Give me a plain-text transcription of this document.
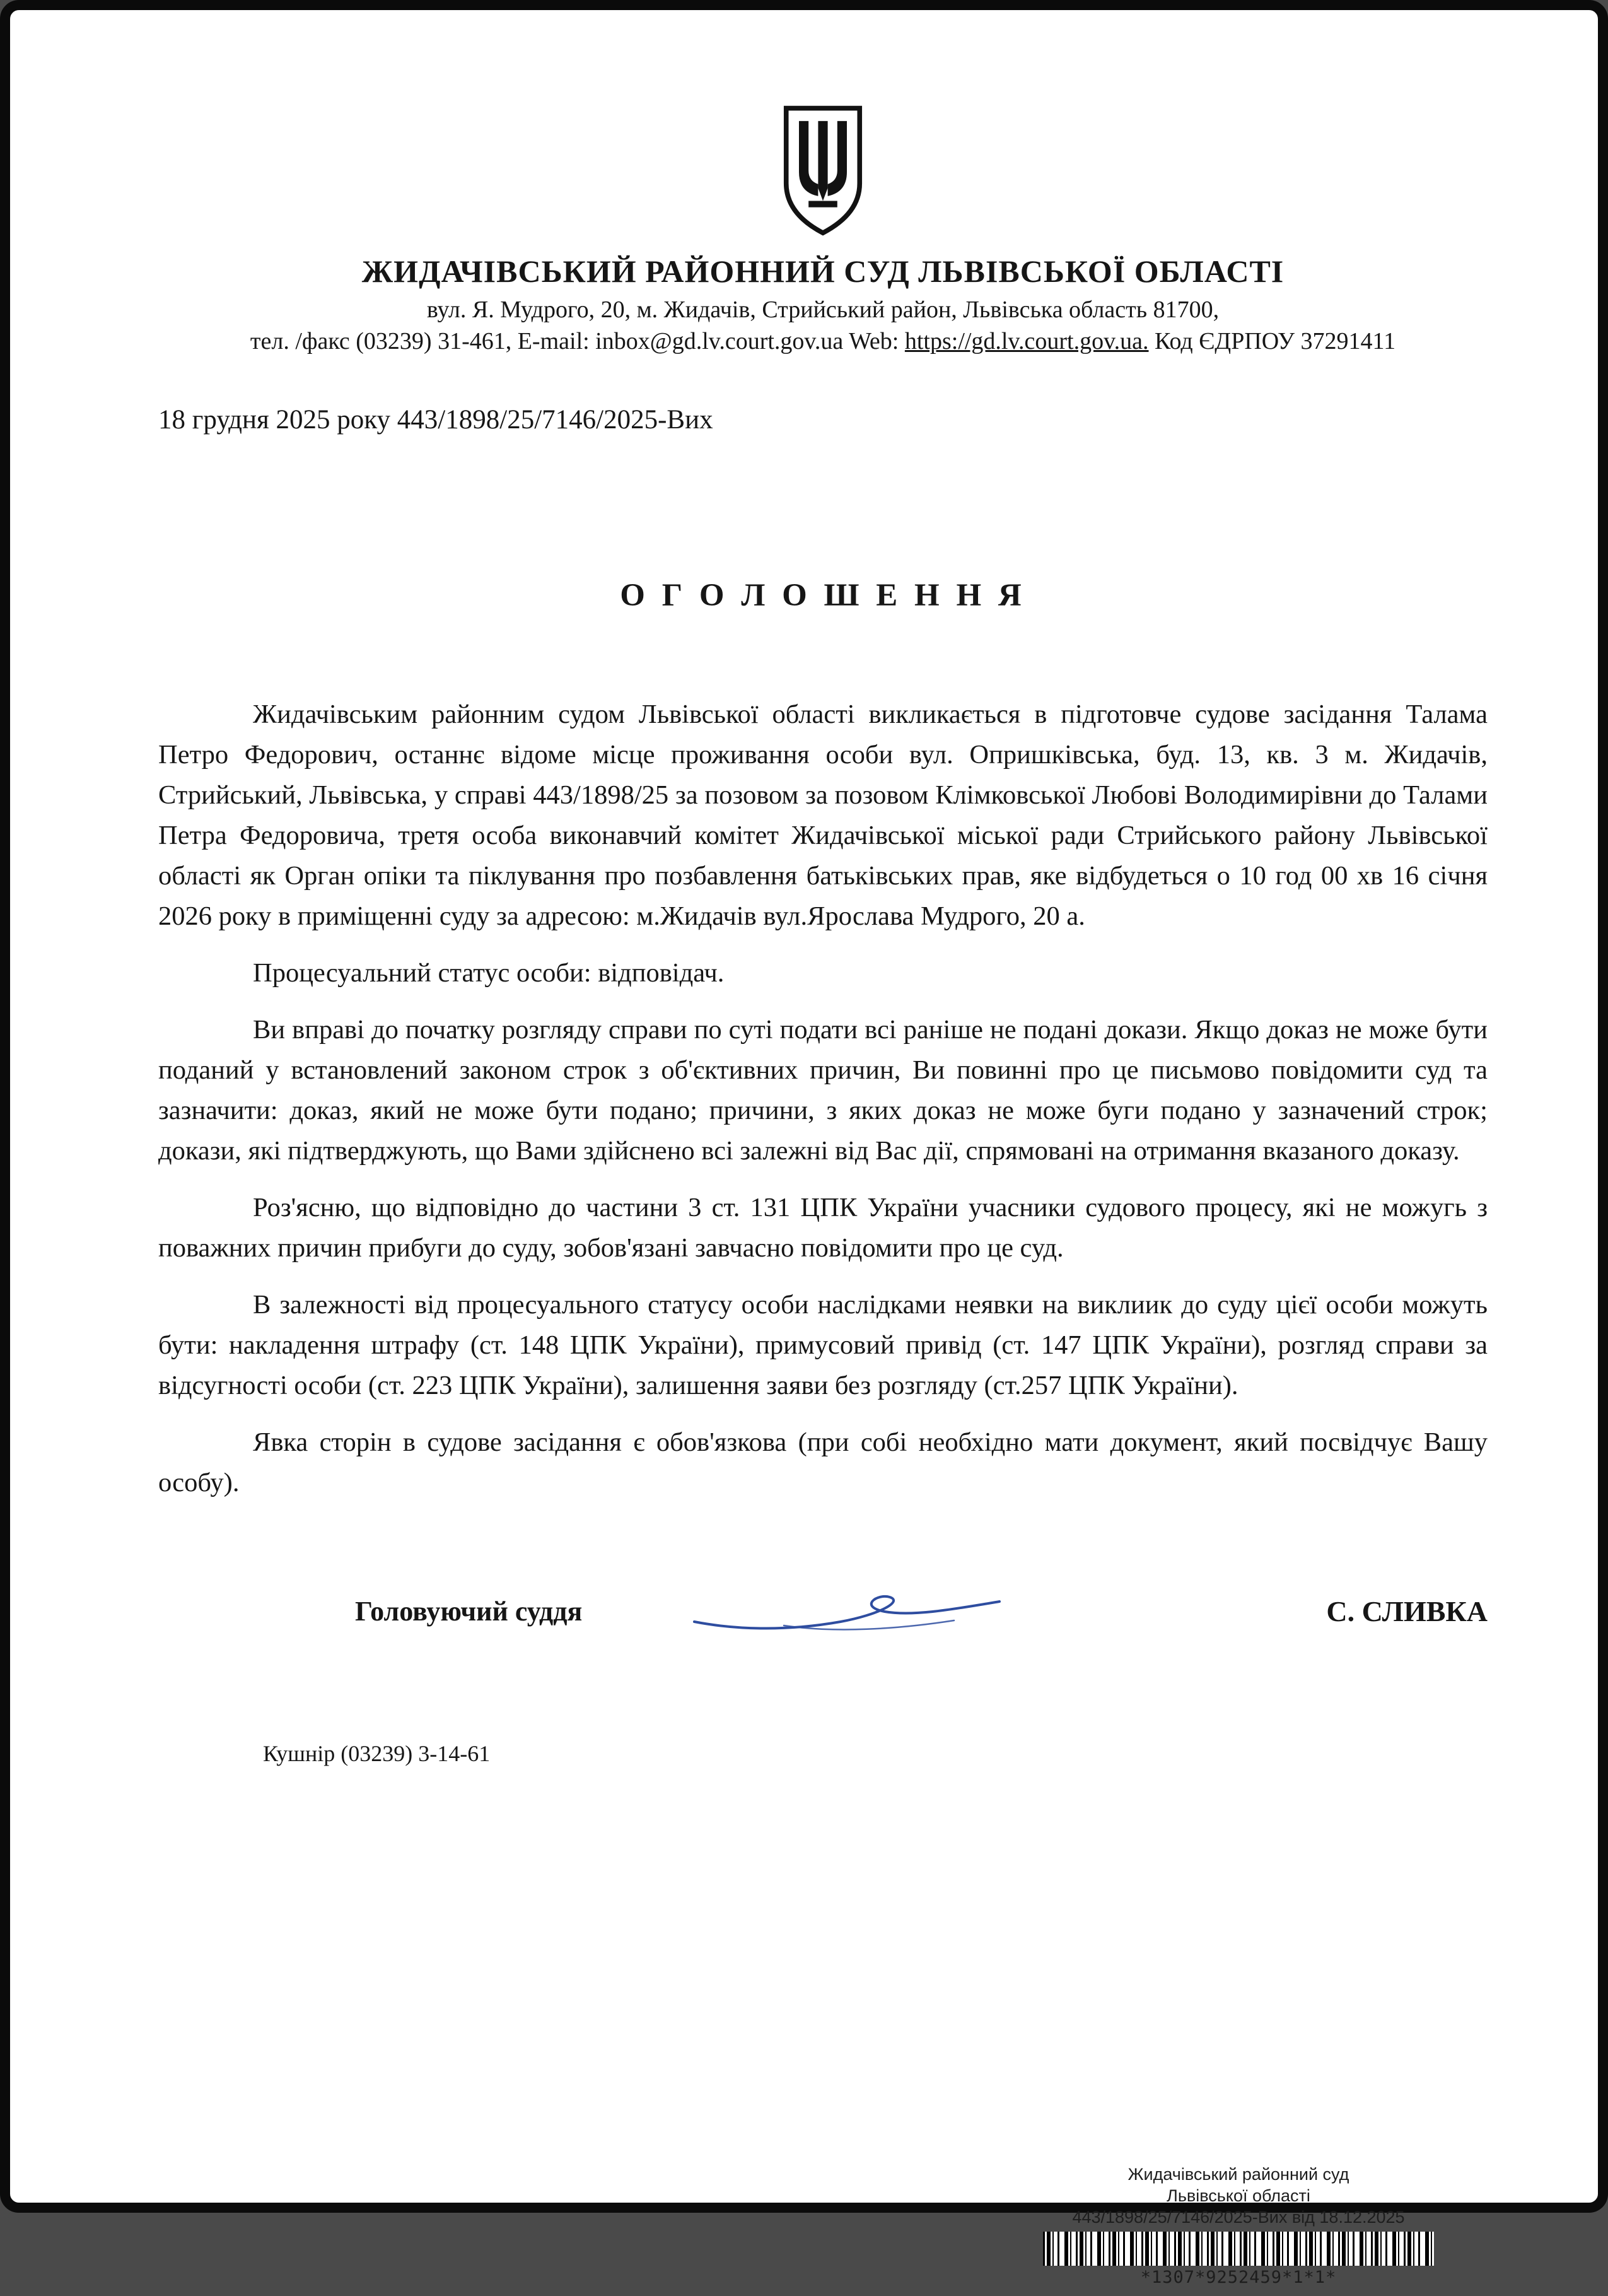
ЖИДАЧІВСЬКИЙ РАЙОННИЙ СУД ЛЬВІВСЬКОЇ ОБЛАСТІ
вул. Я. Мудрого, 20, м. Жидачів, Стрийський район, Львівська область 81700,
тел. /факс (03239) 31-461, E-mail: inbox@gd.lv.court.gov.ua Web: https://gd.lv.court.gov.ua. Код ЄДРПОУ 37291411
18 грудня 2025 року 443/1898/25/7146/2025-Вих
О Г О Л О Ш Е Н Н Я

Жидачівським районним судом Львівської області викликається в підготовче судове засідання Талама Петро Федорович, останнє відоме місце проживання особи вул. Опришківська, буд. 13, кв. 3 м. Жидачів, Стрийський, Львівська, у справі 443/1898/25 за позовом за позовом Клімковської Любові Володимирівни до Талами Петра Федоровича, третя особа виконавчий комітет Жидачівської міської ради Стрийського району Львівської області як Орган опіки та піклування про позбавлення батьківських прав, яке відбудеться о 10 год 00 хв 16 січня 2026 року в приміщенні суду за адресою: м.Жидачів вул.Ярослава Мудрого, 20 а.

Процесуальний статус особи: відповідач.

Ви вправі до початку розгляду справи по суті подати всі раніше не подані докази. Якщо доказ не може бути поданий у встановлений законом строк з об'єктивних причин, Ви повинні про це письмово повідомити суд та зазначити: доказ, який не може бути подано; причини, з яких доказ не може буги подано у зазначений строк; докази, які підтверджують, що Вами здійснено всі залежні від Вас дії, спрямовані на отримання вказаного доказу.

Роз'ясню, що відповідно до частини 3 ст. 131 ЦПК України учасники судового процесу, які не можугь з поважних причин прибуги до суду, зобов'язані завчасно повідомити про це суд.

В залежності від процесуального статусу особи наслідками неявки на виклиик до суду цієї особи можуть бути: накладення штрафу (ст. 148 ЦПК України), примусовий привід (ст. 147 ЦПК України), розгляд справи за відсугності особи (ст. 223 ЦПК України), залишення заяви без розгляду (ст.257 ЦПК України).

Явка сторін в судове засідання є обов'язкова (при собі необхідно мати документ, який посвідчує Вашу особу).

Головуючий суддя	С. СЛИВКА
Кушнір (03239) 3-14-61
Жидачівський районний суд
Львівської області
443/1898/25/7146/2025-Вих від 18.12.2025
*1307*9252459*1*1*
